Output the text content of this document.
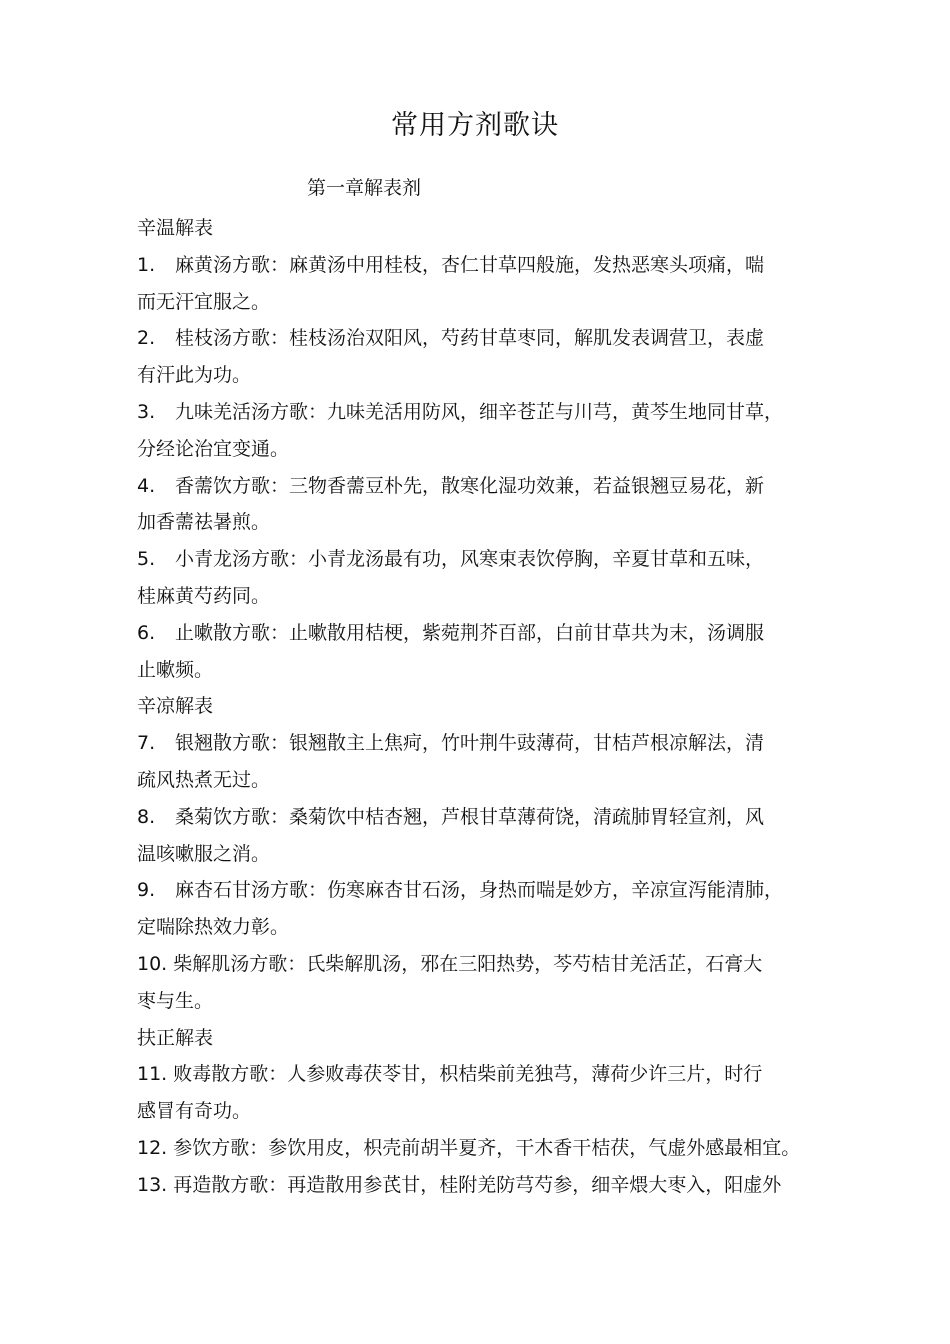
常用方剂歌诀
第一章解表剂
辛温解表
1. 麻黄汤方歌：麻黄汤中用桂枝，杏仁甘草四般施，发热恶寒头项痛，喘
而无汗宜服之。
2. 桂枝汤方歌：桂枝汤治双阳风，芍药甘草枣同，解肌发表调营卫，表虚
有汗此为功。
3. 九味羌活汤方歌：九味羌活用防风，细辛苍芷与川芎，黄芩生地同甘草，
分经论治宜变通。
4. 香薷饮方歌：三物香薷豆朴先，散寒化湿功效兼，若益银翘豆易花，新
加香薷祛暑煎。
5. 小青龙汤方歌：小青龙汤最有功，风寒束表饮停胸，辛夏甘草和五味，
桂麻黄芍药同。
6. 止嗽散方歌：止嗽散用桔梗，紫菀荆芥百部，白前甘草共为末，汤调服
止嗽频。
辛凉解表
7. 银翘散方歌：银翘散主上焦疴，竹叶荆牛豉薄荷，甘桔芦根凉解法，清
疏风热煮无过。
8. 桑菊饮方歌：桑菊饮中桔杏翘，芦根甘草薄荷饶，清疏肺胃轻宣剂，风
温咳嗽服之消。
9. 麻杏石甘汤方歌：伤寒麻杏甘石汤，身热而喘是妙方，辛凉宣泻能清肺，
定喘除热效力彰。
10. 柴解肌汤方歌：氏柴解肌汤，邪在三阳热势，芩芍桔甘羌活芷，石膏大
枣与生。
扶正解表
11. 败毒散方歌：人参败毒茯苓甘，枳桔柴前羌独芎，薄荷少许三片，时行
感冒有奇功。
12. 参饮方歌：参饮用皮，枳壳前胡半夏齐，干木香干桔茯，气虚外感最相宜。
13. 再造散方歌：再造散用参芪甘，桂附羌防芎芍参，细辛煨大枣入，阳虚外
